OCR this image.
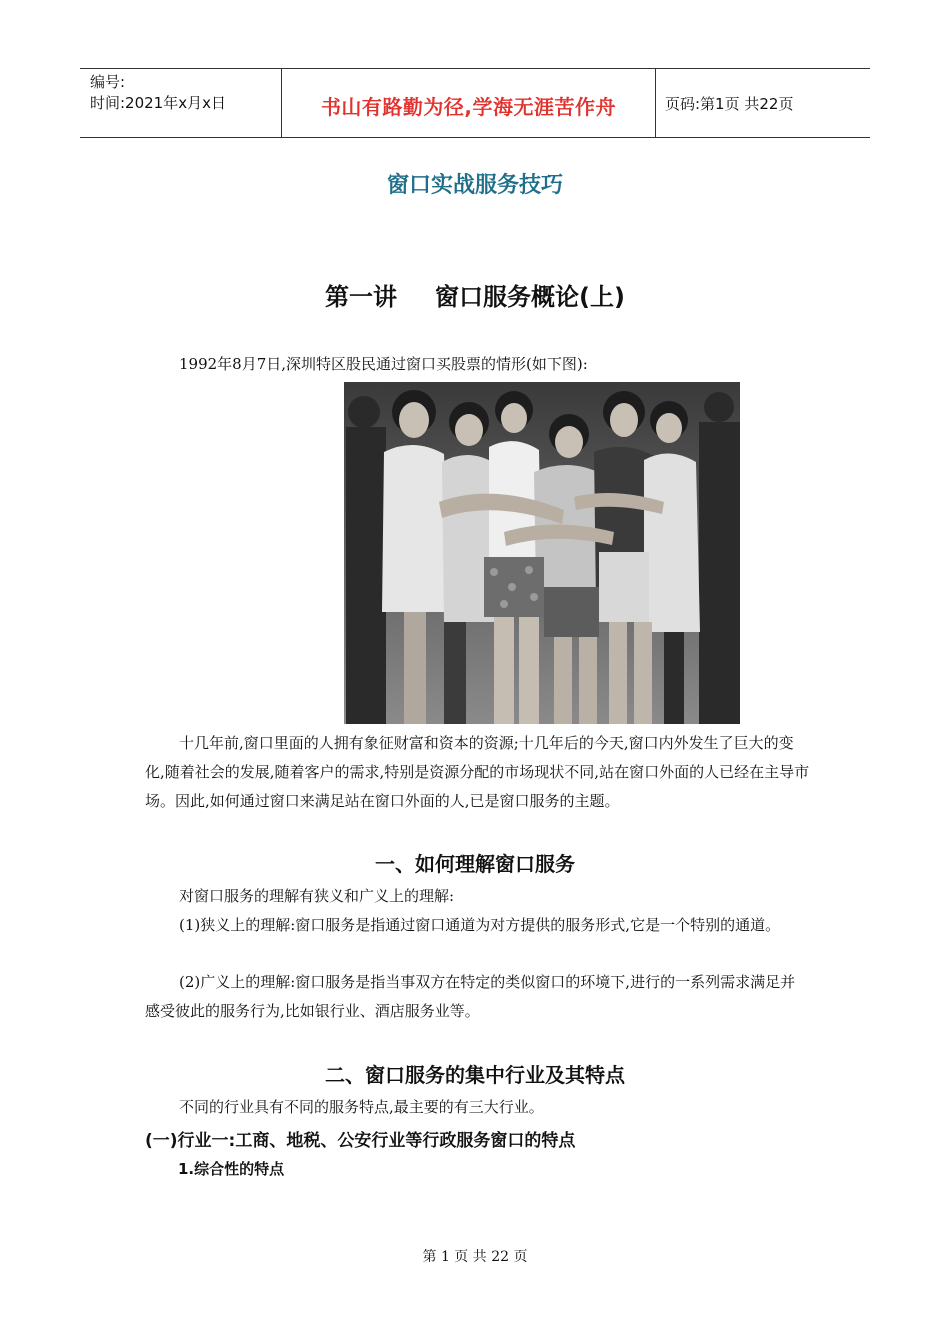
编号:
时间:2021年x月x日	书山有路勤为径,学海无涯苦作舟	页码:第1页 共22页
窗口实战服务技巧
第一讲 窗口服务概论(上)
1992年8月7日,深圳特区股民通过窗口买股票的情形(如下图):
十几年前,窗口里面的人拥有象征财富和资本的资源;十几年后的今天,窗口内外发生了巨大的变化,随着社会的发展,随着客户的需求,特别是资源分配的市场现状不同,站在窗口外面的人已经在主导市场。因此,如何通过窗口来满足站在窗口外面的人,已是窗口服务的主题。
一、如何理解窗口服务
对窗口服务的理解有狭义和广义上的理解:
(1)狭义上的理解:窗口服务是指通过窗口通道为对方提供的服务形式,它是一个特别的通道。
(2)广义上的理解:窗口服务是指当事双方在特定的类似窗口的环境下,进行的一系列需求满足并感受彼此的服务行为,比如银行业、酒店服务业等。
二、窗口服务的集中行业及其特点
不同的行业具有不同的服务特点,最主要的有三大行业。
(一)行业一:工商、地税、公安行业等行政服务窗口的特点
1.综合性的特点
第 1 页 共 22 页
